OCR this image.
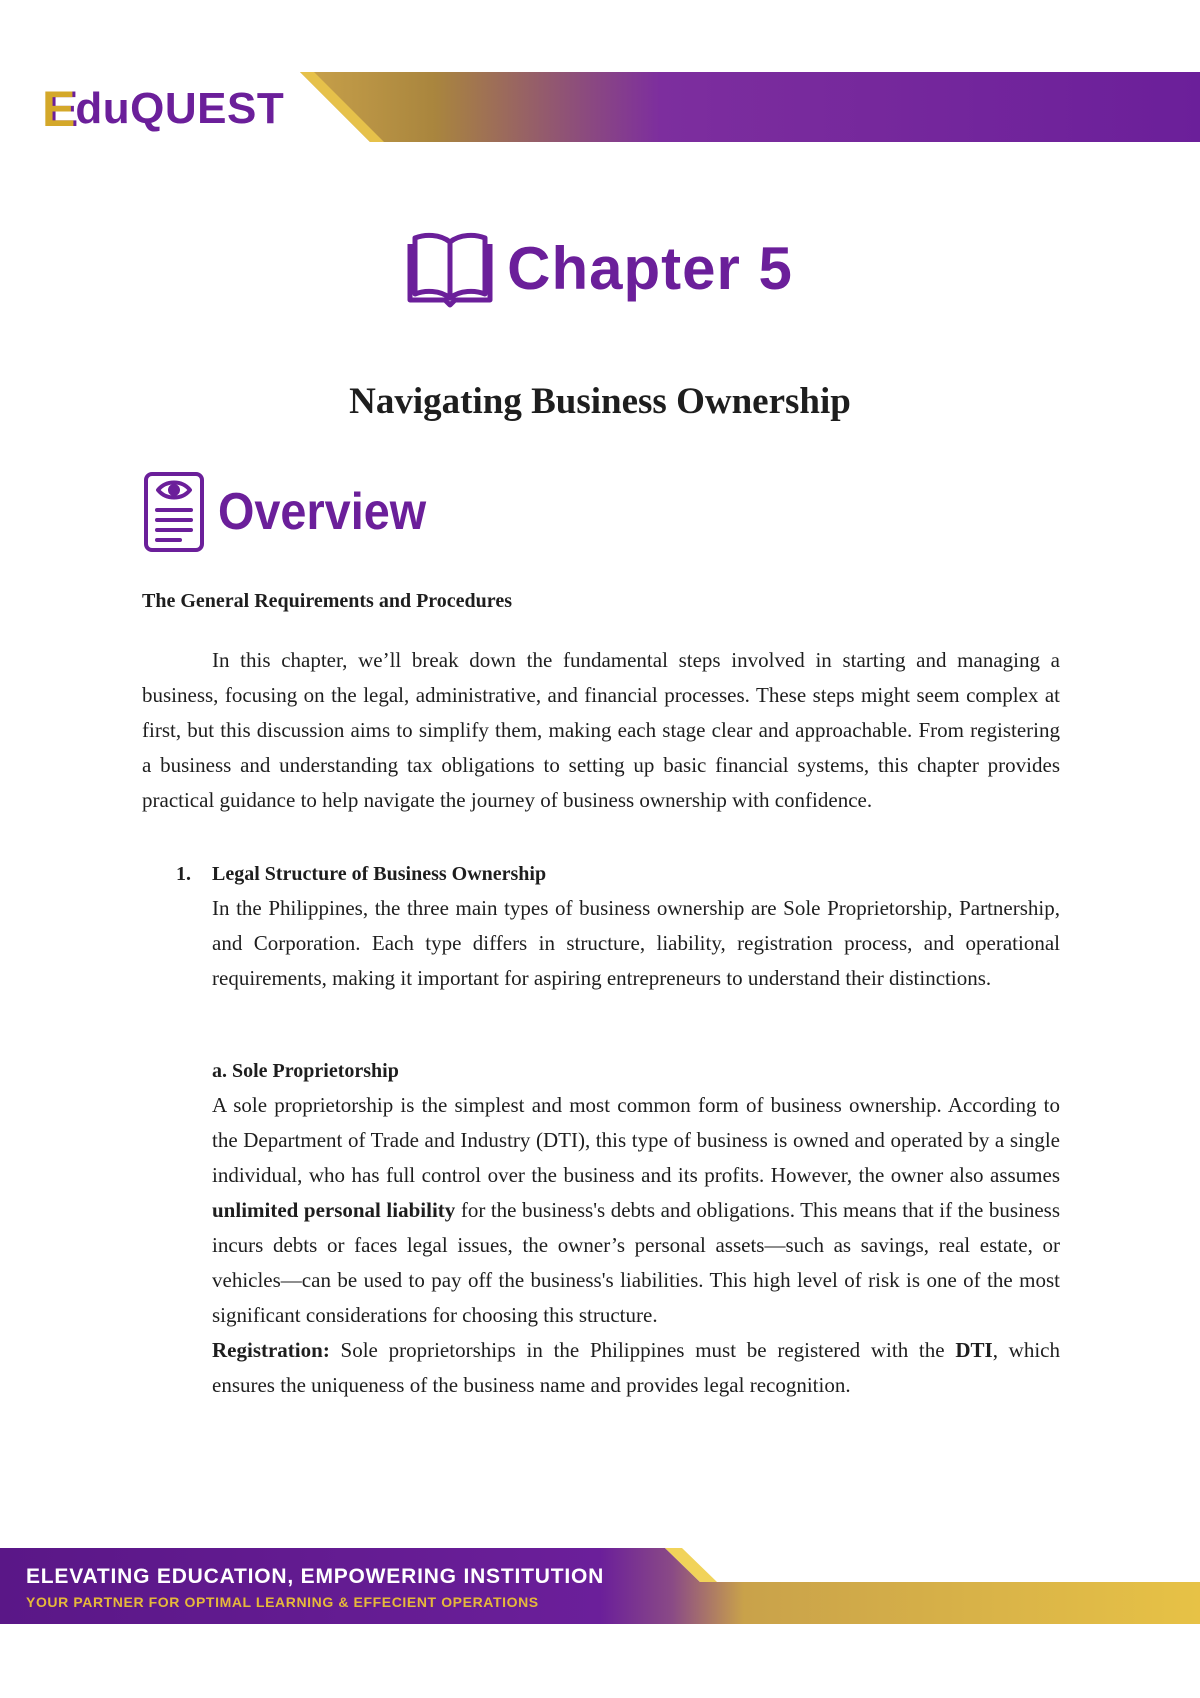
E duQUEST
Chapter 5
Navigating Business Ownership
Overview
The General Requirements and Procedures

In this chapter, we’ll break down the fundamental steps involved in starting and managing a business, focusing on the legal, administrative, and financial processes. These steps might seem complex at first, but this discussion aims to simplify them, making each stage clear and approachable. From registering a business and understanding tax obligations to setting up basic financial systems, this chapter provides practical guidance to help navigate the journey of business ownership with confidence.

1. Legal Structure of Business Ownership

In the Philippines, the three main types of business ownership are Sole Proprietorship, Partnership, and Corporation. Each type differs in structure, liability, registration process, and operational requirements, making it important for aspiring entrepreneurs to understand their distinctions.

a. Sole Proprietorship

A sole proprietorship is the simplest and most common form of business ownership. According to the Department of Trade and Industry (DTI), this type of business is owned and operated by a single individual, who has full control over the business and its profits. However, the owner also assumes unlimited personal liability for the business's debts and obligations. This means that if the business incurs debts or faces legal issues, the owner’s personal assets—such as savings, real estate, or vehicles—can be used to pay off the business's liabilities. This high level of risk is one of the most significant considerations for choosing this structure.

Registration: Sole proprietorships in the Philippines must be registered with the DTI, which ensures the uniqueness of the business name and provides legal recognition.

ELEVATING EDUCATION, EMPOWERING INSTITUTION

YOUR PARTNER FOR OPTIMAL LEARNING & EFFECIENT OPERATIONS
